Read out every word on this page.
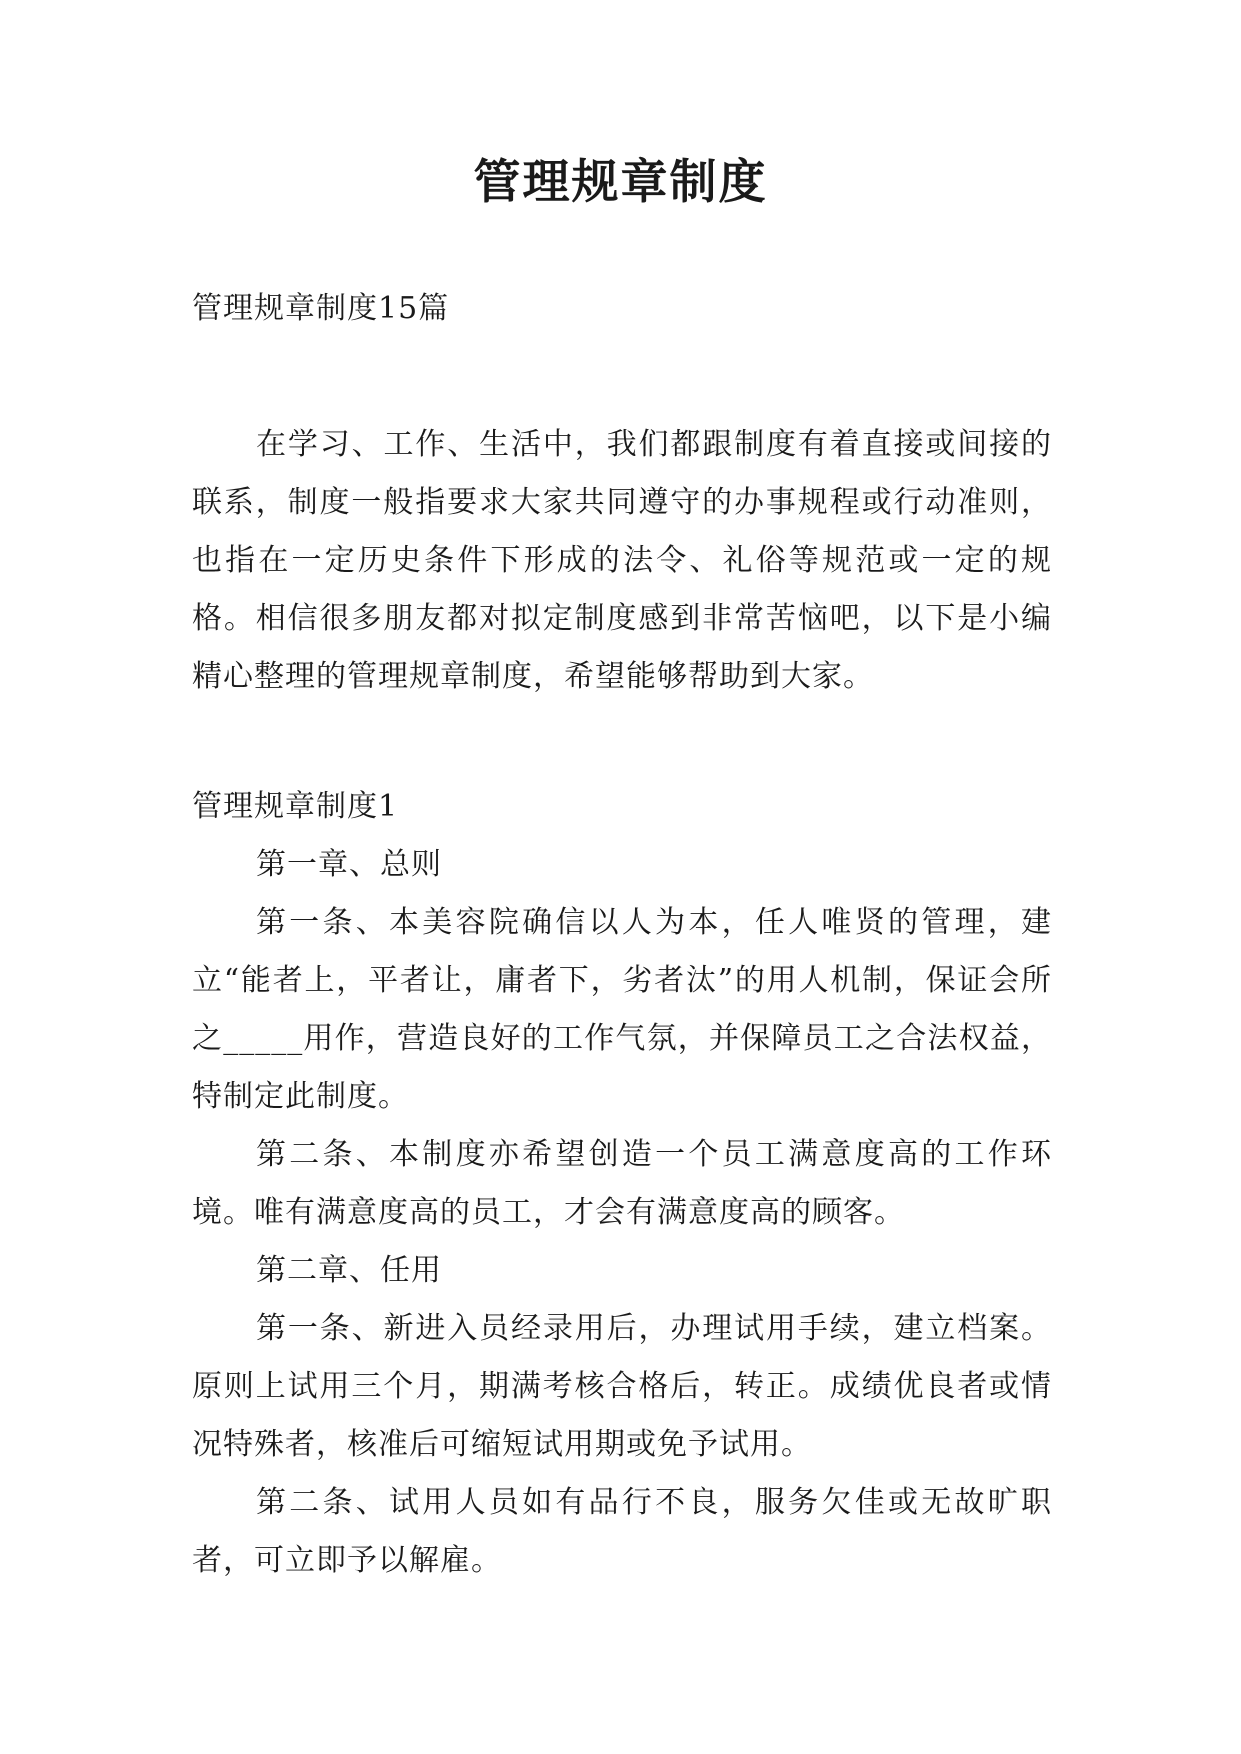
管理规章制度

管理规章制度15篇

在学习、工作、生活中，我们都跟制度有着直接或间接的联系，制度一般指要求大家共同遵守的办事规程或行动准则，也指在一定历史条件下形成的法令、礼俗等规范或一定的规格。相信很多朋友都对拟定制度感到非常苦恼吧，以下是小编精心整理的管理规章制度，希望能够帮助到大家。

管理规章制度1

第一章、总则

第一条、本美容院确信以人为本，任人唯贤的管理，建立“能者上，平者让，庸者下，劣者汰”的用人机制，保证会所之_____用作，营造良好的工作气氛，并保障员工之合法权益，特制定此制度。

第二条、本制度亦希望创造一个员工满意度高的工作环境。唯有满意度高的员工，才会有满意度高的顾客。

第二章、任用

第一条、新进入员经录用后，办理试用手续，建立档案。原则上试用三个月，期满考核合格后，转正。成绩优良者或情况特殊者，核准后可缩短试用期或免予试用。

第二条、试用人员如有品行不良，服务欠佳或无故旷职者，可立即予以解雇。
